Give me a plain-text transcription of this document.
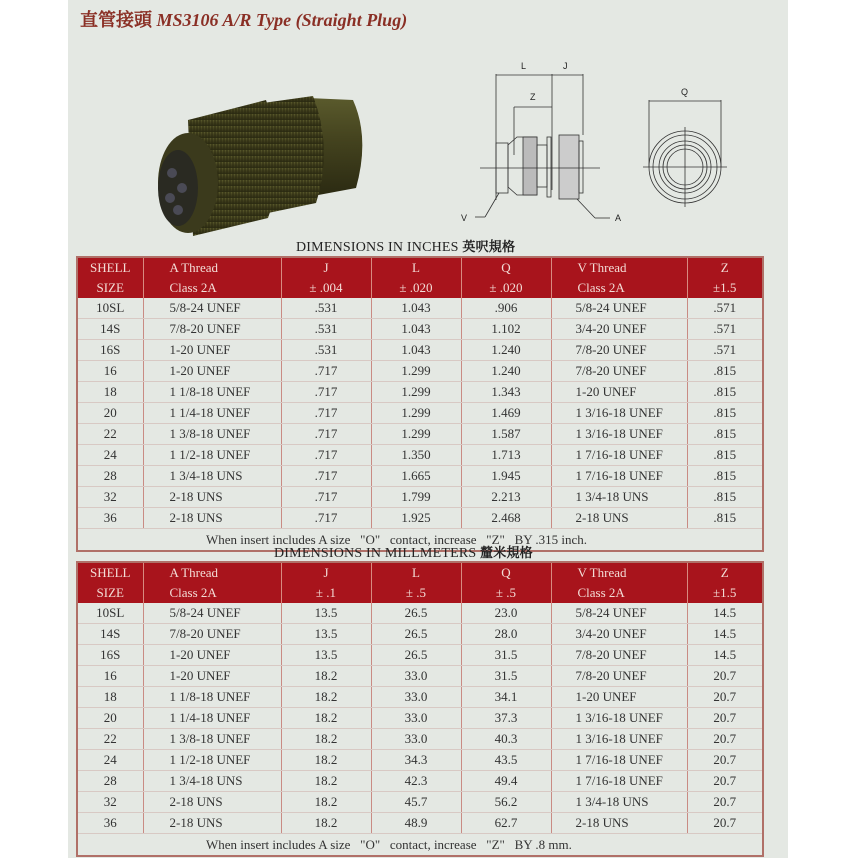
直管接頭 MS3106 A/R Type (Straight Plug)
L	J
Z
V	A
Q
DIMENSIONS IN INCHES 英呎規格
SHELL	A Thread	J	L	Q	V Thread	Z
SIZE	Class 2A	± .004	± .020	± .020	Class 2A	±1.5
10SL	5/8-24 UNEF	.531	1.043	.906	5/8-24 UNEF	.571
14S	7/8-20 UNEF	.531	1.043	1.102	3/4-20 UNEF	.571
16S	1-20 UNEF	.531	1.043	1.240	7/8-20 UNEF	.571
16	1-20 UNEF	.717	1.299	1.240	7/8-20 UNEF	.815
18	1 1/8-18 UNEF	.717	1.299	1.343	1-20 UNEF	.815
20	1 1/4-18 UNEF	.717	1.299	1.469	1 3/16-18 UNEF	.815
22	1 3/8-18 UNEF	.717	1.299	1.587	1 3/16-18 UNEF	.815
24	1 1/2-18 UNEF	.717	1.350	1.713	1 7/16-18 UNEF	.815
28	1 3/4-18 UNS	.717	1.665	1.945	1 7/16-18 UNEF	.815
32	2-18 UNS	.717	1.799	2.213	1 3/4-18 UNS	.815
36	2-18 UNS	.717	1.925	2.468	2-18 UNS	.815
When insert includes A size   "O"   contact, increase   "Z"   BY .315 inch.						
DIMENSIONS IN MILLMETERS 釐米規格
SHELL	A Thread	J	L	Q	V Thread	Z
SIZE	Class 2A	± .1	± .5	± .5	Class 2A	±1.5
10SL	5/8-24 UNEF	13.5	26.5	23.0	5/8-24 UNEF	14.5
14S	7/8-20 UNEF	13.5	26.5	28.0	3/4-20 UNEF	14.5
16S	1-20 UNEF	13.5	26.5	31.5	7/8-20 UNEF	14.5
16	1-20 UNEF	18.2	33.0	31.5	7/8-20 UNEF	20.7
18	1 1/8-18 UNEF	18.2	33.0	34.1	1-20 UNEF	20.7
20	1 1/4-18 UNEF	18.2	33.0	37.3	1 3/16-18 UNEF	20.7
22	1 3/8-18 UNEF	18.2	33.0	40.3	1 3/16-18 UNEF	20.7
24	1 1/2-18 UNEF	18.2	34.3	43.5	1 7/16-18 UNEF	20.7
28	1 3/4-18 UNS	18.2	42.3	49.4	1 7/16-18 UNEF	20.7
32	2-18 UNS	18.2	45.7	56.2	1 3/4-18 UNS	20.7
36	2-18 UNS	18.2	48.9	62.7	2-18 UNS	20.7
When insert includes A size   "O"   contact, increase   "Z"   BY .8 mm.						
